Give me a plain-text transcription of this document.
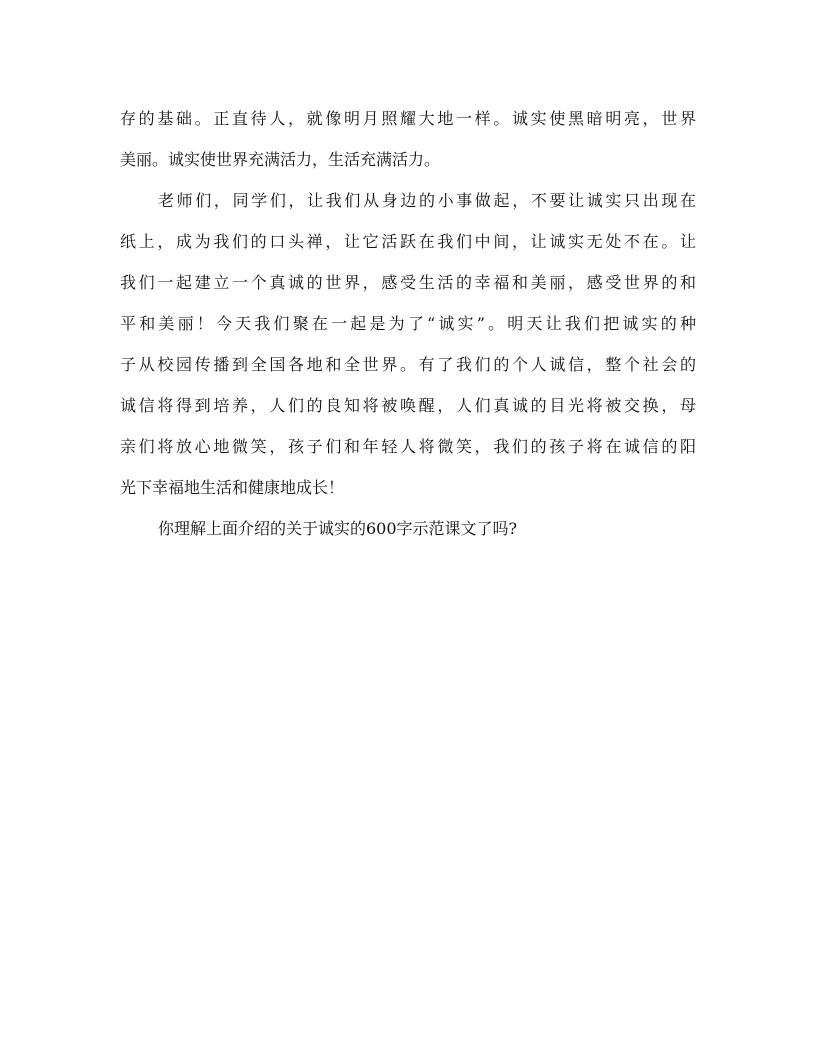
存的基础。正直待人，就像明月照耀大地一样。诚实使黑暗明亮，世界
美丽。诚实使世界充满活力，生活充满活力。
老师们，同学们，让我们从身边的小事做起，不要让诚实只出现在
纸上，成为我们的口头禅，让它活跃在我们中间，让诚实无处不在。让
我们一起建立一个真诚的世界，感受生活的幸福和美丽，感受世界的和
平和美丽！今天我们聚在一起是为了“诚实”。明天让我们把诚实的种
子从校园传播到全国各地和全世界。有了我们的个人诚信，整个社会的
诚信将得到培养，人们的良知将被唤醒，人们真诚的目光将被交换，母
亲们将放心地微笑，孩子们和年轻人将微笑，我们的孩子将在诚信的阳
光下幸福地生活和健康地成长！
你理解上面介绍的关于诚实的600字示范课文了吗?
